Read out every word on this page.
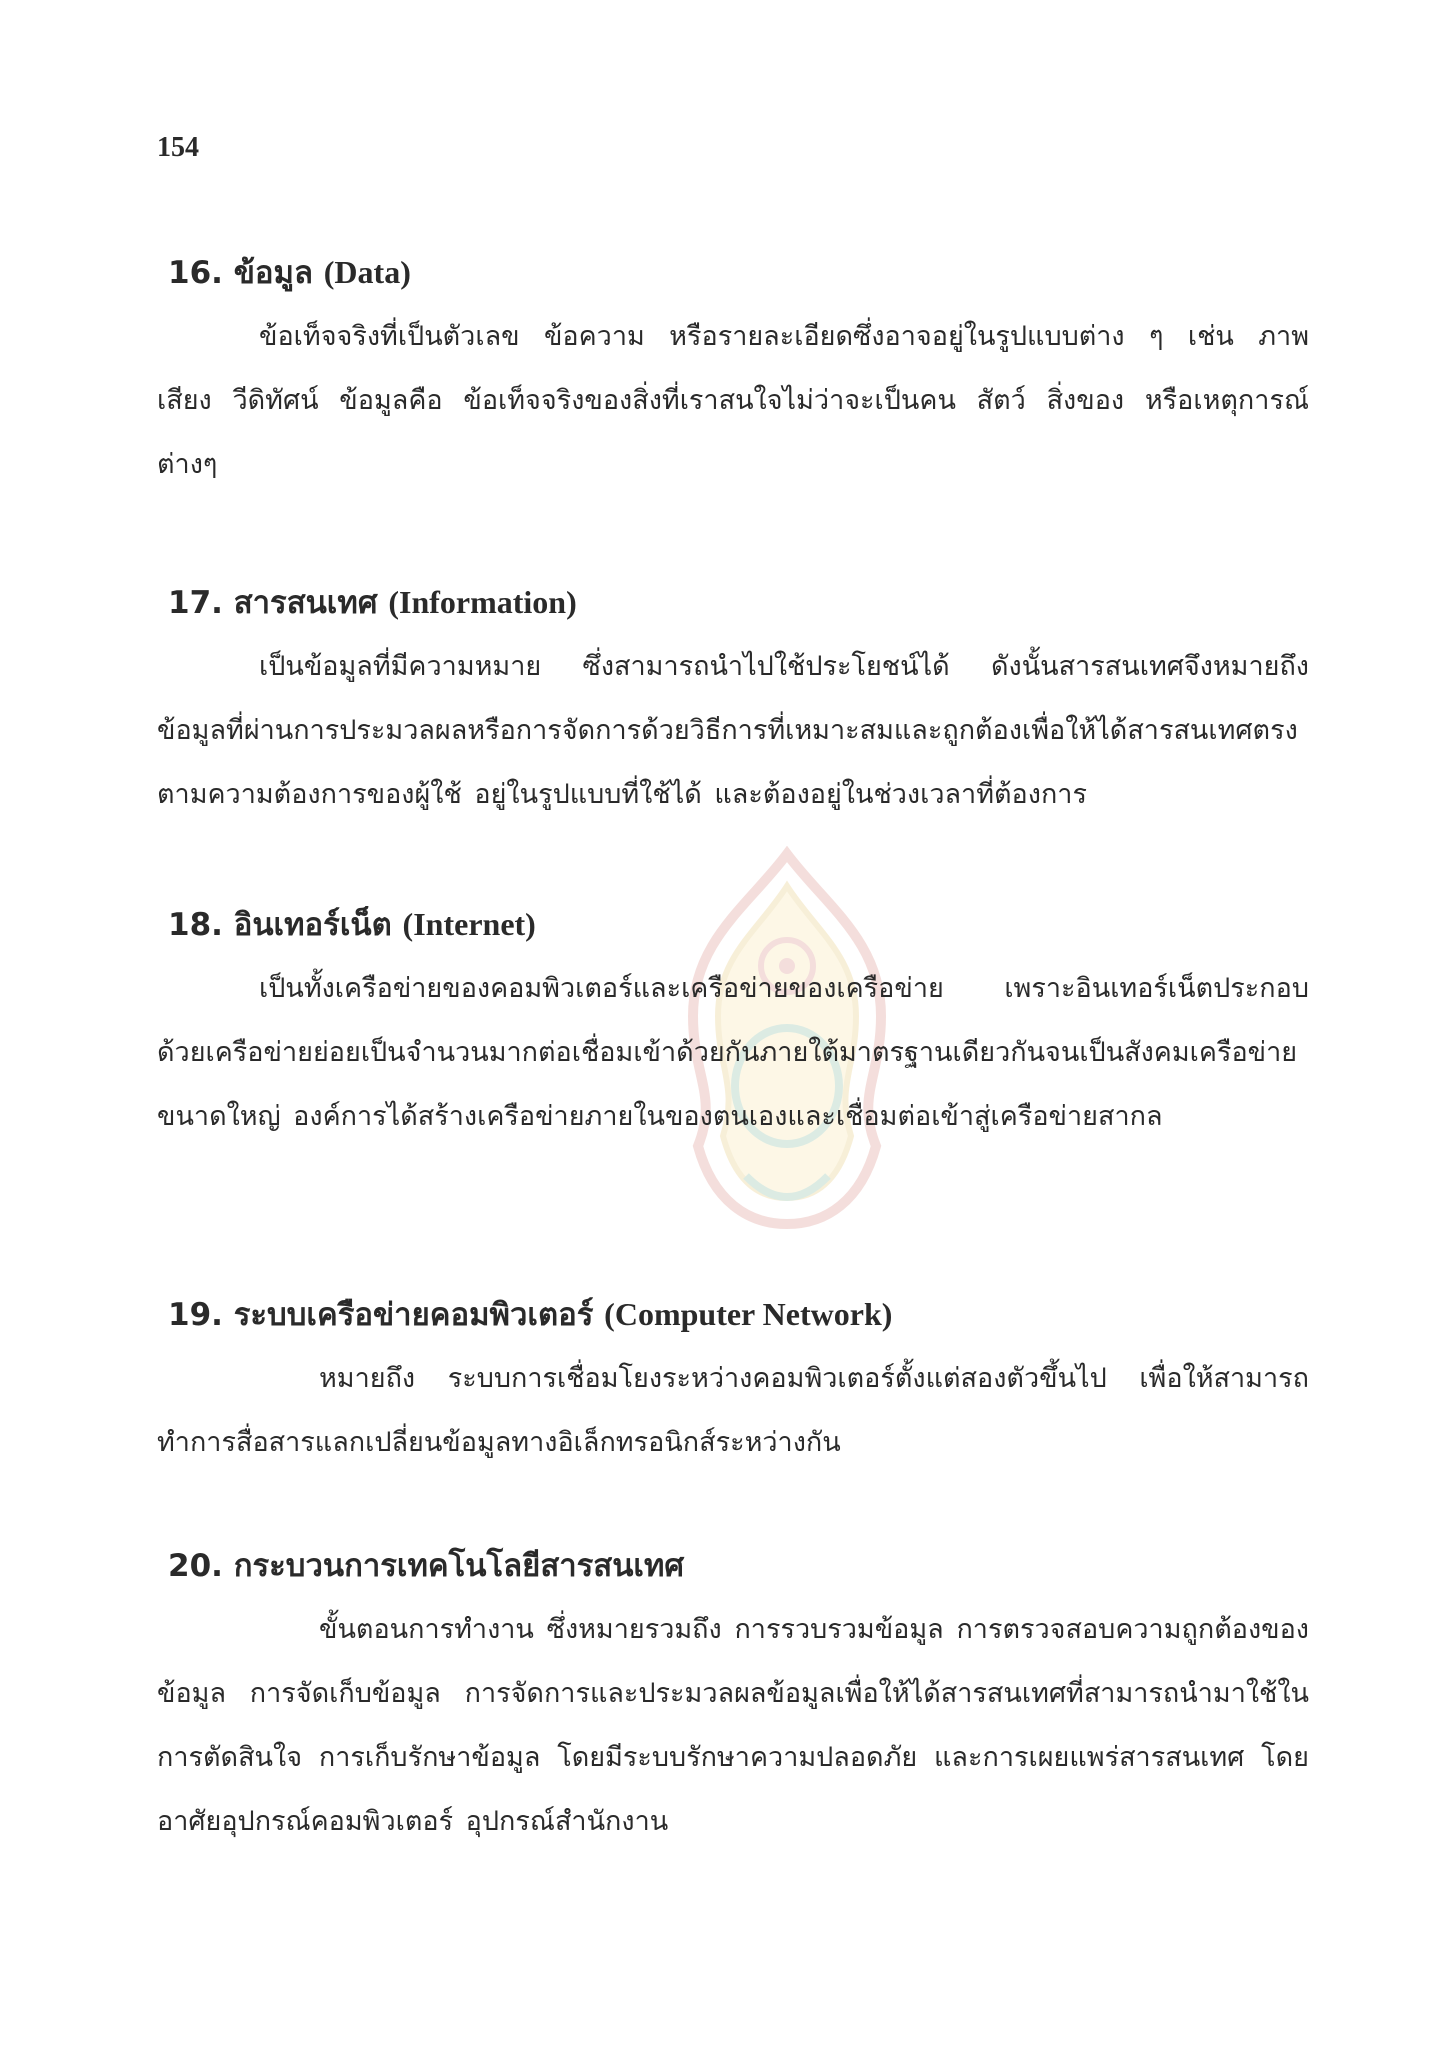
154
16. ข้อมูล (Data)

ข้อเท็จจริงที่เป็นตัวเลข ข้อความ หรือรายละเอียดซึ่งอาจอยู่ในรูปแบบต่าง ๆ เช่น ภาพ เสียง วีดิทัศน์ ข้อมูลคือ ข้อเท็จจริงของสิ่งที่เราสนใจไม่ว่าจะเป็นคน สัตว์ สิ่งของ หรือเหตุการณ์ต่างๆ

17. สารสนเทศ (Information)

เป็นข้อมูลที่มีความหมาย ซึ่งสามารถนำไปใช้ประโยชน์ได้ ดังนั้นสารสนเทศจึงหมายถึงข้อมูลที่ผ่านการประมวลผลหรือการจัดการด้วยวิธีการที่เหมาะสมและถูกต้องเพื่อให้ได้สารสนเทศตรงตามความต้องการของผู้ใช้ อยู่ในรูปแบบที่ใช้ได้ และต้องอยู่ในช่วงเวลาที่ต้องการ

18. อินเทอร์เน็ต (Internet)

เป็นทั้งเครือข่ายของคอมพิวเตอร์และเครือข่ายของเครือข่าย เพราะอินเทอร์เน็ตประกอบด้วยเครือข่ายย่อยเป็นจำนวนมากต่อเชื่อมเข้าด้วยกันภายใต้มาตรฐานเดียวกันจนเป็นสังคมเครือข่ายขนาดใหญ่ องค์การได้สร้างเครือข่ายภายในของตนเองและเชื่อมต่อเข้าสู่เครือข่ายสากล

19. ระบบเครือข่ายคอมพิวเตอร์ (Computer Network)

หมายถึง ระบบการเชื่อมโยงระหว่างคอมพิวเตอร์ตั้งแต่สองตัวขึ้นไป เพื่อให้สามารถทำการสื่อสารแลกเปลี่ยนข้อมูลทางอิเล็กทรอนิกส์ระหว่างกัน

20. กระบวนการเทคโนโลยีสารสนเทศ

ขั้นตอนการทำงาน ซึ่งหมายรวมถึง การรวบรวมข้อมูล การตรวจสอบความถูกต้องของข้อมูล การจัดเก็บข้อมูล การจัดการและประมวลผลข้อมูลเพื่อให้ได้สารสนเทศที่สามารถนำมาใช้ในการตัดสินใจ การเก็บรักษาข้อมูล โดยมีระบบรักษาความปลอดภัย และการเผยแพร่สารสนเทศ โดยอาศัยอุปกรณ์คอมพิวเตอร์ อุปกรณ์สำนักงาน
